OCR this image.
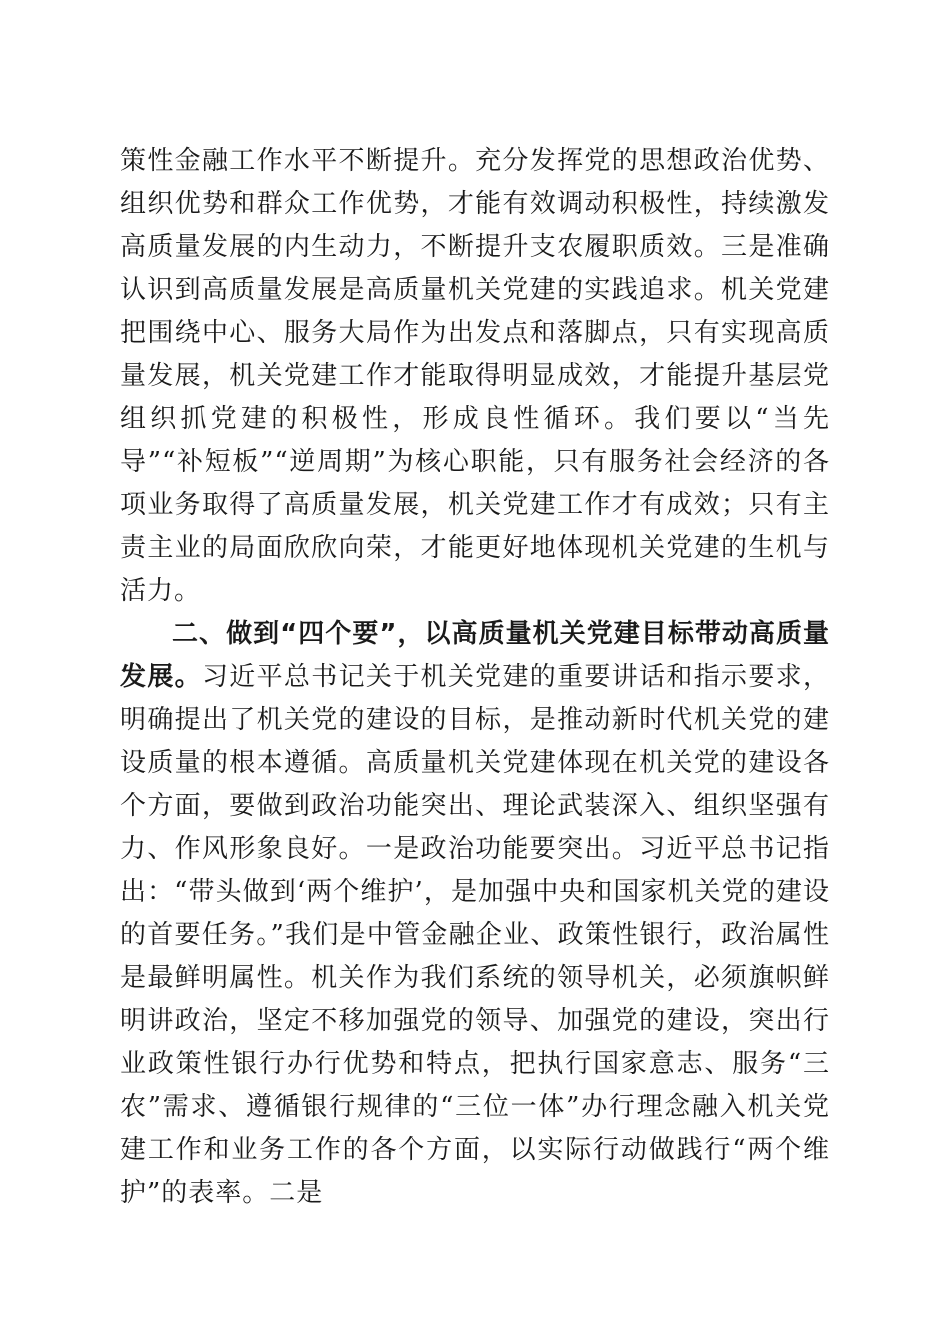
策性金融工作水平不断提升。充分发挥党的思想政治优势、组织优势和群众工作优势，才能有效调动积极性，持续激发高质量发展的内生动力，不断提升支农履职质效。三是准确认识到高质量发展是高质量机关党建的实践追求。机关党建把围绕中心、服务大局作为出发点和落脚点，只有实现高质量发展，机关党建工作才能取得明显成效，才能提升基层党组织抓党建的积极性，形成良性循环。我们要以“当先导”“补短板”“逆周期”为核心职能，只有服务社会经济的各项业务取得了高质量发展，机关党建工作才有成效；只有主责主业的局面欣欣向荣，才能更好地体现机关党建的生机与活力。

二、做到“四个要”，以高质量机关党建目标带动高质量发展。习近平总书记关于机关党建的重要讲话和指示要求，明确提出了机关党的建设的目标，是推动新时代机关党的建设质量的根本遵循。高质量机关党建体现在机关党的建设各个方面，要做到政治功能突出、理论武装深入、组织坚强有力、作风形象良好。一是政治功能要突出。习近平总书记指出：“带头做到‘两个维护’，是加强中央和国家机关党的建设的首要任务。”我们是中管金融企业、政策性银行，政治属性是最鲜明属性。机关作为我们系统的领导机关，必须旗帜鲜明讲政治，坚定不移加强党的领导、加强党的建设，突出行业政策性银行办行优势和特点，把执行国家意志、服务“三农”需求、遵循银行规律的“三位一体”办行理念融入机关党建工作和业务工作的各个方面，以实际行动做践行“两个维护”的表率。二是
